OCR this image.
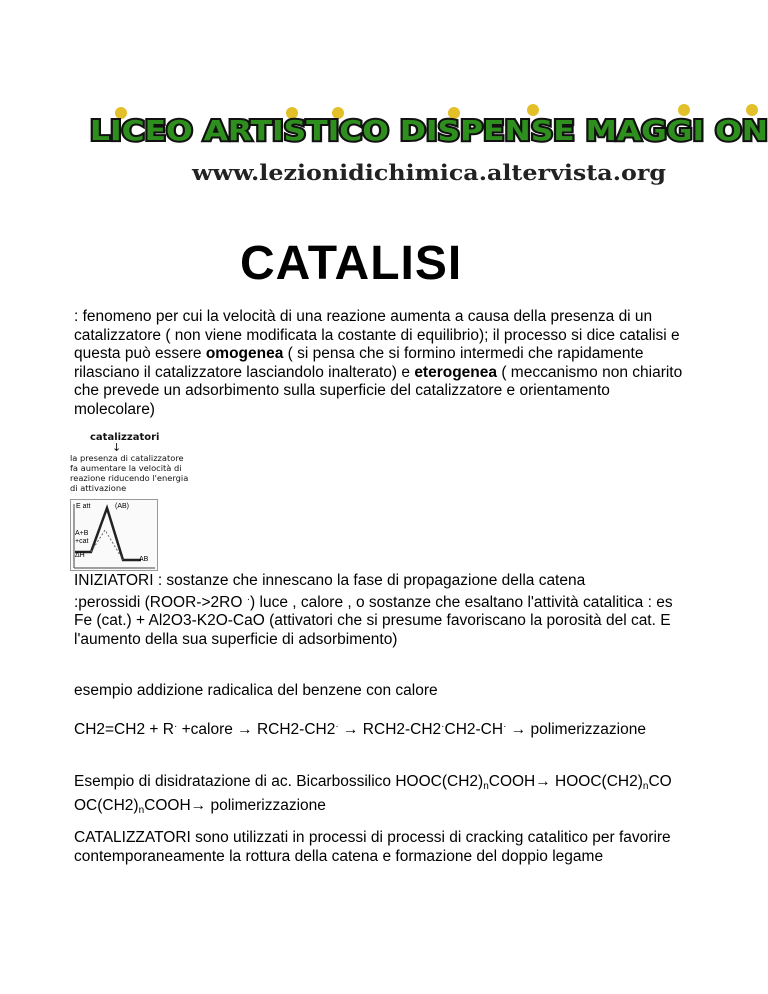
LICEO ARTISTICO DISPENSE MAGGI ON
www.lezionidichimica.altervista.org
CATALISI

: fenomeno per cui la velocità di una reazione aumenta a causa della presenza di un catalizzatore ( non viene modificata la costante di equilibrio); il processo si dice catalisi e questa può essere omogenea ( si pensa che si formino intermedi che rapidamente rilasciano il catalizzatore lasciandolo inalterato) e eterogenea ( meccanismo non chiarito che prevede un adsorbimento sulla superficie del catalizzatore e orientamento molecolare)

catalizzatori
↓
la presenza di catalizzatore
fa aumentare la velocità di
reazione riducendo l'energia
di attivazione
E att	(AB)
A+B
+cat
ΔH
AB

INIZIATORI : sostanze che innescano la fase di propagazione della catena
:perossidi (ROOR->2RO ·) luce , calore , o sostanze che esaltano l'attività catalitica : es Fe (cat.) + Al2O3-K2O-CaO (attivatori che si presume favoriscano la porosità del cat. E l'aumento della sua superficie di adsorbimento)

esempio addizione radicalica del benzene con calore

CH2=CH2 + R· +calore → RCH2-CH2· → RCH2-CH2·CH2-CH· → polimerizzazione

Esempio di disidratazione di ac. Bicarbossilico $HOOC(CH2)_nCOOH\to$ $HOOC(CH2)_nCO$ $OC(CH2)_nCOOH\to$ polimerizzazione

CATALIZZATORI sono utilizzati in processi di processi di cracking catalitico per favorire contemporaneamente la rottura della catena e formazione del doppio legame
